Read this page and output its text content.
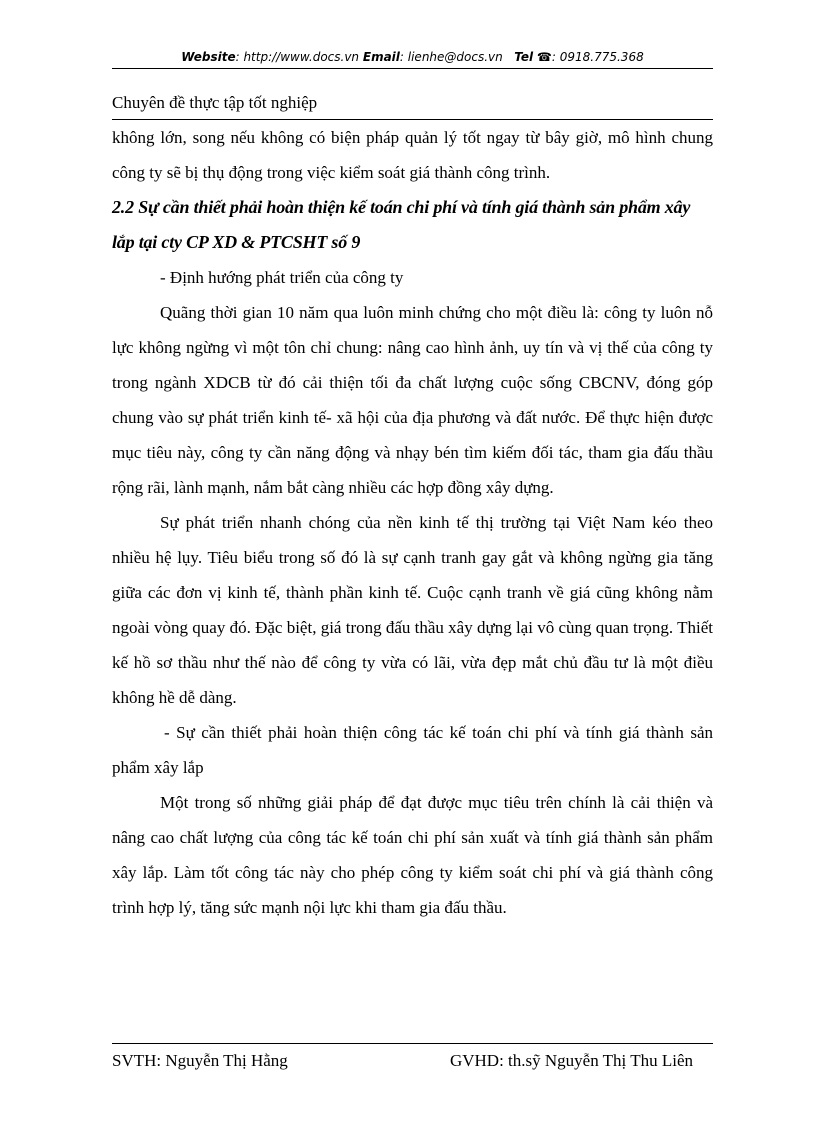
Website: http://www.docs.vn Email: lienhe@docs.vn Tel ☎: 0918.775.368
Chuyên đề thực tập tốt nghiệp

không lớn, song nếu không có biện pháp quản lý tốt ngay từ bây giờ, mô hình chung công ty sẽ bị thụ động trong việc kiểm soát giá thành công trình.

2.2 Sự cần thiết phải hoàn thiện kế toán chi phí và tính giá thành sản phẩm xây lắp tại cty CP XD & PTCSHT số 9

- Định hướng phát triển của công ty

Quãng thời gian 10 năm qua luôn minh chứng cho một điều là: công ty luôn nỗ lực không ngừng vì một tôn chỉ chung: nâng cao hình ảnh, uy tín và vị thế của công ty trong ngành XDCB từ đó cải thiện tối đa chất lượng cuộc sống CBCNV, đóng góp chung vào sự phát triển kinh tế- xã hội của địa phương và đất nước. Để thực hiện được mục tiêu này, công ty cần năng động và nhạy bén tìm kiếm đối tác, tham gia đấu thầu rộng rãi, lành mạnh, nắm bắt càng nhiều các hợp đồng xây dựng.

Sự phát triển nhanh chóng của nền kinh tế thị trường tại Việt Nam kéo theo nhiều hệ lụy. Tiêu biểu trong số đó là sự cạnh tranh gay gắt và không ngừng gia tăng giữa các đơn vị kinh tế, thành phần kinh tế. Cuộc cạnh tranh về giá cũng không nằm ngoài vòng quay đó. Đặc biệt, giá trong đấu thầu xây dựng lại vô cùng quan trọng. Thiết kế hồ sơ thầu như thế nào để công ty vừa có lãi, vừa đẹp mắt chủ đầu tư là một điều không hề dễ dàng.

- Sự cần thiết phải hoàn thiện công tác kế toán chi phí và tính giá thành sản phẩm xây lắp

Một trong số những giải pháp để đạt được mục tiêu trên chính là cải thiện và nâng cao chất lượng của công tác kế toán chi phí sản xuất và tính giá thành sản phẩm xây lắp. Làm tốt công tác này cho phép công ty kiểm soát chi phí và giá thành công trình hợp lý, tăng sức mạnh nội lực khi tham gia đấu thầu.

SVTH: Nguyễn Thị Hằng	GVHD: th.sỹ Nguyễn Thị Thu Liên
